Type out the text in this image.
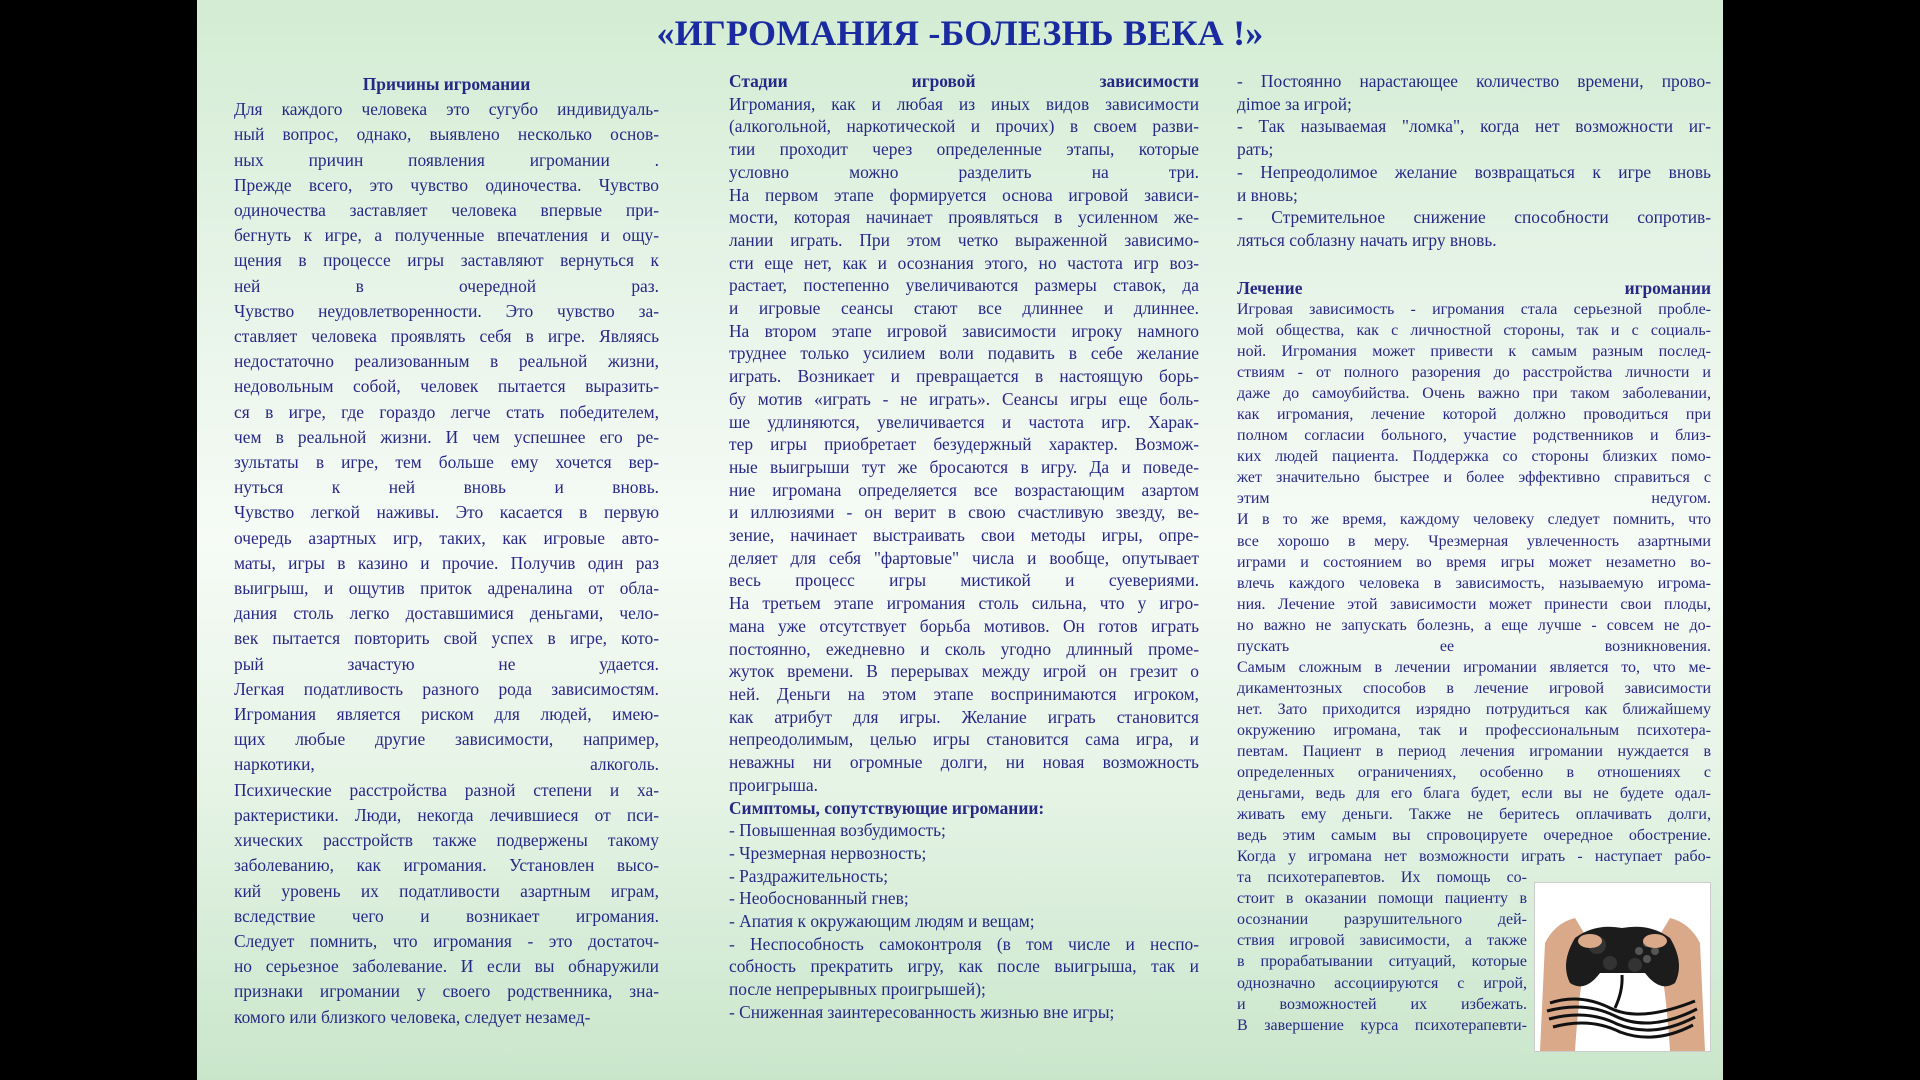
«ИГРОМАНИЯ -БОЛЕЗНЬ ВЕКА !»
Причины игромании
Для каждого человека это сугубо индивидуаль-
ный вопрос, однако, выявлено несколько основ-
ных причин появления игромании .
Прежде всего, это чувство одиночества. Чувство
одиночества заставляет человека впервые при-
бегнуть к игре, а полученные впечатления и ощу-
щения в процессе игры заставляют вернуться к
ней в очередной раз.
Чувство неудовлетворенности. Это чувство за-
ставляет человека проявлять себя в игре. Являясь
недостаточно реализованным в реальной жизни,
недовольным собой, человек пытается выразить-
ся в игре, где гораздо легче стать победителем,
чем в реальной жизни. И чем успешнее его ре-
зультаты в игре, тем больше ему хочется вер-
нуться к ней вновь и вновь.
Чувство легкой наживы. Это касается в первую
очередь азартных игр, таких, как игровые авто-
маты, игры в казино и прочие. Получив один раз
выигрыш, и ощутив приток адреналина от обла-
дания столь легко доставшимися деньгами, чело-
век пытается повторить свой успех в игре, кото-
рый зачастую не удается.
Легкая податливость разного рода зависимостям.
Игромания является риском для людей, имею-
щих любые другие зависимости, например,
наркотики, алкоголь.
Психические расстройства разной степени и ха-
рактеристики. Люди, некогда лечившиеся от пси-
хических расстройств также подвержены такому
заболеванию, как игромания. Установлен высо-
кий уровень их податливости азартным играм,
вследствие чего и возникает игромания.
Следует помнить, что игромания - это достаточ-
но серьезное заболевание. И если вы обнаружили
признаки игромании у своего родственника, зна-
комого или близкого человека, следует незамед-
Стадии	игровой	зависимости
Игромания, как и любая из иных видов зависимости
(алкогольной, наркотической и прочих) в своем разви-
тии проходит через определенные этапы, которые
условно можно разделить на три.
На первом этапе формируется основа игровой зависи-
мости, которая начинает проявляться в усиленном же-
лании играть. При этом четко выраженной зависимо-
сти еще нет, как и осознания этого, но частота игр воз-
растает, постепенно увеличиваются размеры ставок, да
и игровые сеансы стают все длиннее и длиннее.
На втором этапе игровой зависимости игроку намного
труднее только усилием воли подавить в себе желание
играть. Возникает и превращается в настоящую борь-
бу мотив «играть - не играть». Сеансы игры еще боль-
ше удлиняются, увеличивается и частота игр. Харак-
тер игры приобретает безудержный характер. Возмож-
ные выигрыши тут же бросаются в игру. Да и поведе-
ние игромана определяется все возрастающим азартом
и иллюзиями - он верит в свою счастливую звезду, ве-
зение, начинает выстраивать свои методы игры, опре-
деляет для себя "фартовые" числа и вообще, опутывает
весь процесс игры мистикой и суевериями.
На третьем этапе игромания столь сильна, что у игро-
мана уже отсутствует борьба мотивов. Он готов играть
постоянно, ежедневно и сколь угодно длинный проме-
жуток времени. В перерывах между игрой он грезит о
ней. Деньги на этом этапе воспринимаются игроком,
как атрибут для игры. Желание играть становится
непреодолимым, целью игры становится сама игра, и
неважны ни огромные долги, ни новая возможность
проигрыша.
Симптомы, сопутствующие игромании:
- Повышенная возбудимость;
- Чрезмерная нервозность;
- Раздражительность;
- Необоснованный гнев;
- Апатия к окружающим людям и вещам;
- Неспособность самоконтроля (в том числе и неспо-
собность прекратить игру, как после выигрыша, так и
после непрерывных проигрышей);
- Сниженная заинтересованность жизнью вне игры;
- Постоянно нарастающее количество времени, прово-
дimoе за игрой;
- Так называемая "ломка", когда нет возможности иг-
рать;
- Непреодолимое желание возвращаться к игре вновь
и вновь;
- Стремительное снижение способности сопротив-
ляться соблазну начать игру вновь.
Лечение	игромании
Игровая зависимость - игромания стала серьезной пробле-
мой общества, как с личностной стороны, так и с социаль-
ной. Игромания может привести к самым разным послед-
ствиям - от полного разорения до расстройства личности и
даже до самоубийства. Очень важно при таком заболевании,
как игромания, лечение которой должно проводиться при
полном согласии больного, участие родственников и близ-
ких людей пациента. Поддержка со стороны близких помо-
жет значительно быстрее и более эффективно справиться с
этим недугом.
И в то же время, каждому человеку следует помнить, что
все хорошо в меру. Чрезмерная увлеченность азартными
играми и состоянием во время игры может незаметно во-
влечь каждого человека в зависимость, называемую игрома-
ния. Лечение этой зависимости может принести свои плоды,
но важно не запускать болезнь, а еще лучше - совсем не до-
пускать ее возникновения.
Самым сложным в лечении игромании является то, что ме-
дикаментозных способов в лечение игровой зависимости
нет. Зато приходится изрядно потрудиться как ближайшему
окружению игромана, так и профессиональным психотера-
певтам. Пациент в период лечения игромании нуждается в
определенных ограничениях, особенно в отношениях с
деньгами, ведь для его блага будет, если вы не будете одал-
живать ему деньги. Также не беритесь оплачивать долги,
ведь этим самым вы спровоцируете очередное обострение.
Когда у игромана нет возможности играть - наступает рабо-
та психотерапевтов. Их помощь со-
стоит в оказании помощи пациенту в
осознании разрушительного дей-
ствия игровой зависимости, а также
в прорабатывании ситуаций, которые
однозначно ассоциируются с игрой,
и возможностей их избежать.
В завершение курса психотерапевти-
